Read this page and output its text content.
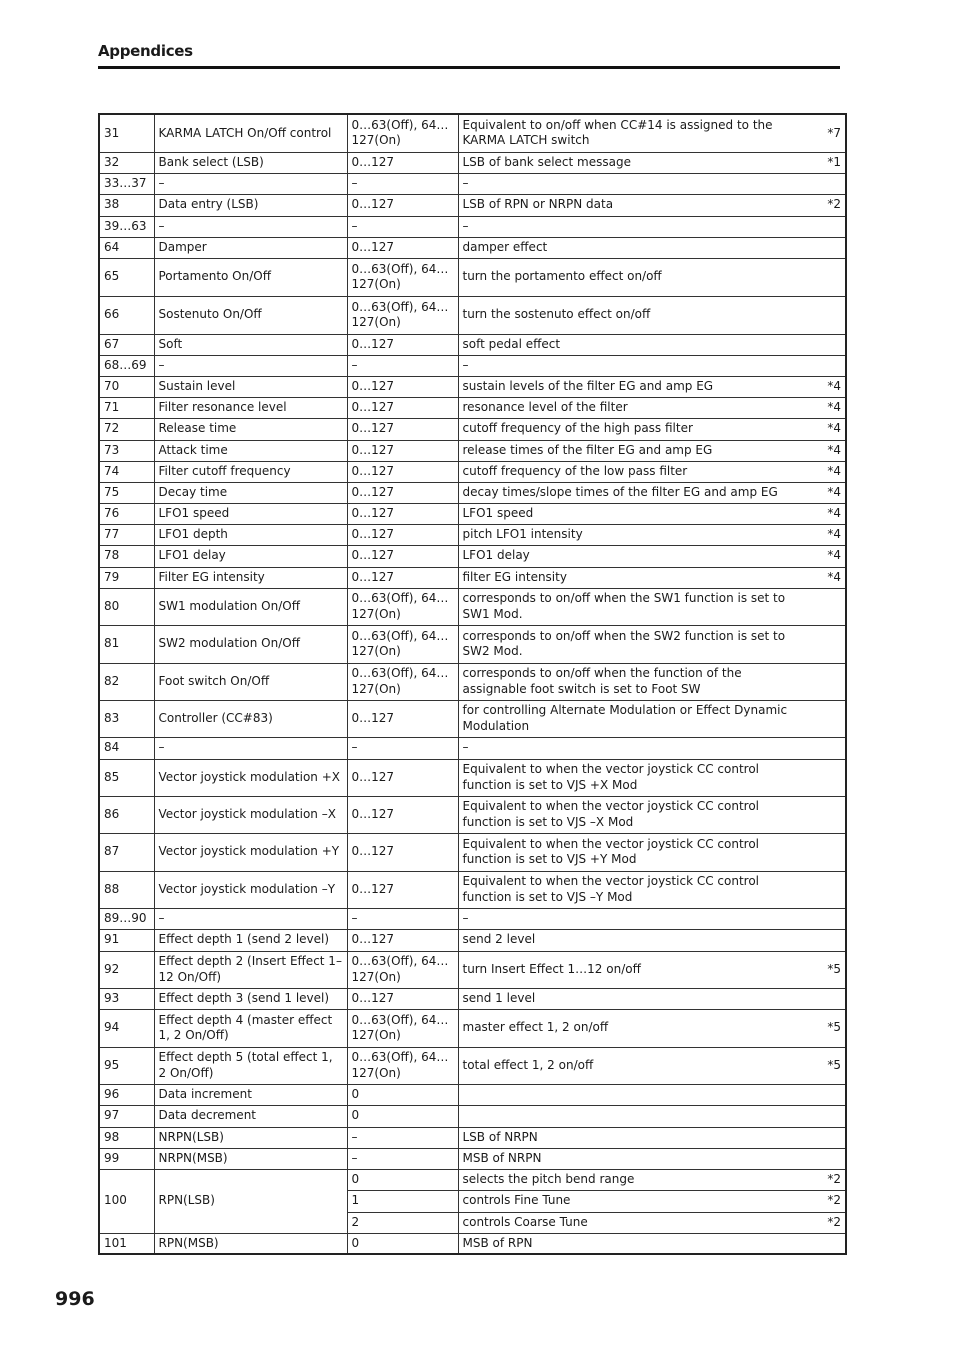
Appendices
31	KARMA LATCH On/Off control	0…63(Off), 64…127(On)	Equivalent to on/off when CC#14 is assigned to the KARMA LATCH switch
*7

32	Bank select (LSB)	0…127	LSB of bank select message *1

33…37	–	–	–

38	Data entry (LSB)	0…127	LSB of RPN or NRPN data *2

39…63	–	–	–

64	Damper	0…127	damper effect

65	Portamento On/Off	0…63(Off), 64…127(On)	turn the portamento effect on/off

66	Sostenuto On/Off	0…63(Off), 64…127(On)	turn the sostenuto effect on/off

67	Soft	0…127	soft pedal effect

68…69	–	–	–

70	Sustain level	0…127	sustain levels of the filter EG and amp EG *4

71	Filter resonance level	0…127	resonance level of the filter *4

72	Release time	0…127	cutoff frequency of the high pass filter *4

73	Attack time	0…127	release times of the filter EG and amp EG *4

74	Filter cutoff frequency	0…127	cutoff frequency of the low pass filter *4

75	Decay time	0…127	decay times/slope times of the filter EG and amp EG *4

76	LFO1 speed	0…127	LFO1 speed *4

77	LFO1 depth	0…127	pitch LFO1 intensity *4

78	LFO1 delay	0…127	LFO1 delay *4

79	Filter EG intensity	0…127	filter EG intensity *4

80	SW1 modulation On/Off	0…63(Off), 64…127(On)	corresponds to on/off when the SW1 function is set to SW1 Mod.

81	SW2 modulation On/Off	0…63(Off), 64…127(On)	corresponds to on/off when the SW2 function is set to SW2 Mod.

82	Foot switch On/Off	0…63(Off), 64…127(On)	corresponds to on/off when the function of the assignable foot switch is set to Foot SW

83	Controller (CC#83)	0…127	for controlling Alternate Modulation or Effect Dynamic Modulation

84	–	–	–

85	Vector joystick modulation +X	0…127	Equivalent to when the vector joystick CC control function is set to VJS +X Mod

86	Vector joystick modulation –X	0…127	Equivalent to when the vector joystick CC control function is set to VJS –X Mod

87	Vector joystick modulation +Y	0…127	Equivalent to when the vector joystick CC control function is set to VJS +Y Mod

88	Vector joystick modulation –Y	0…127	Equivalent to when the vector joystick CC control function is set to VJS –Y Mod

89…90	–	–	–

91	Effect depth 1 (send 2 level)	0…127	send 2 level

92	Effect depth 2 (Insert Effect 1–12 On/Off)	0…63(Off), 64…127(On)	turn Insert Effect 1…12 on/off *5

93	Effect depth 3 (send 1 level)	0…127	send 1 level

94	Effect depth 4 (master effect 1, 2 On/Off)	0…63(Off), 64…127(On)	master effect 1, 2 on/off *5

95	Effect depth 5 (total effect 1, 2 On/Off)	0…63(Off), 64…127(On)	total effect 1, 2 on/off *5

96	Data increment	0	

97	Data decrement	0	

98	NRPN(LSB)	–	LSB of NRPN

99	NRPN(MSB)	–	MSB of NRPN

100	RPN(LSB)	0	selects the pitch bend range *2

		1	controls Fine Tune *2

		2	controls Coarse Tune *2

101	RPN(MSB)	0	MSB of RPN
996
